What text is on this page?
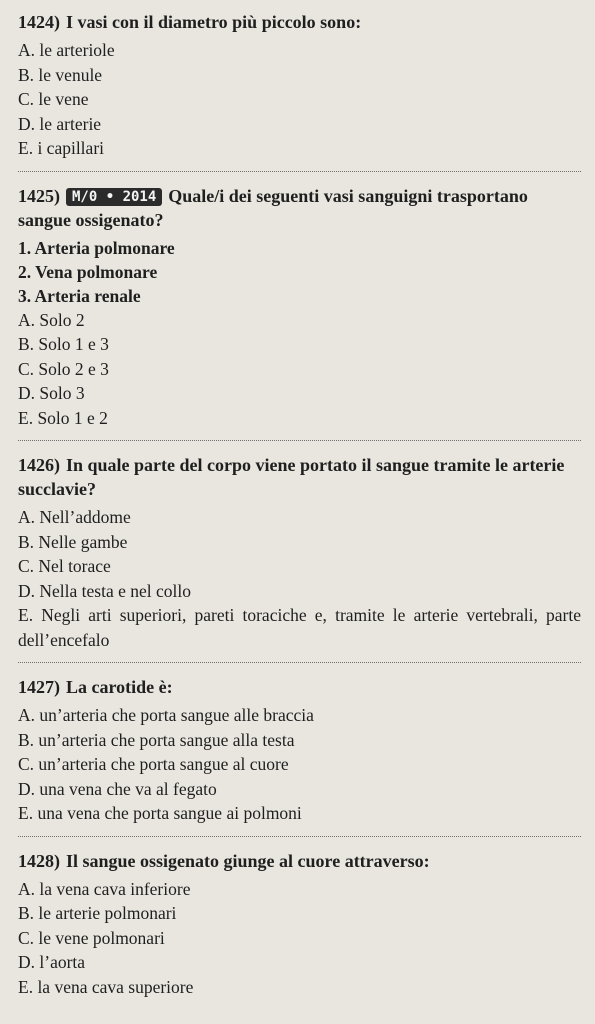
1424) I vasi con il diametro più piccolo sono:
A. le arteriole
B. le venule
C. le vene
D. le arterie
E. i capillari
1425) M/0 • 2014 Quale/i dei seguenti vasi sanguigni trasportano sangue ossigenato?
1. Arteria polmonare
2. Vena polmonare
3. Arteria renale
A. Solo 2
B. Solo 1 e 3
C. Solo 2 e 3
D. Solo 3
E. Solo 1 e 2
1426) In quale parte del corpo viene portato il sangue tramite le arterie succlavie?
A. Nell’addome
B. Nelle gambe
C. Nel torace
D. Nella testa e nel collo
E. Negli arti superiori, pareti toraciche e, tramite le arterie vertebrali, parte dell’encefalo
1427) La carotide è:
A. un’arteria che porta sangue alle braccia
B. un’arteria che porta sangue alla testa
C. un’arteria che porta sangue al cuore
D. una vena che va al fegato
E. una vena che porta sangue ai polmoni
1428) Il sangue ossigenato giunge al cuore attraverso:
A. la vena cava inferiore
B. le arterie polmonari
C. le vene polmonari
D. l’aorta
E. la vena cava superiore
